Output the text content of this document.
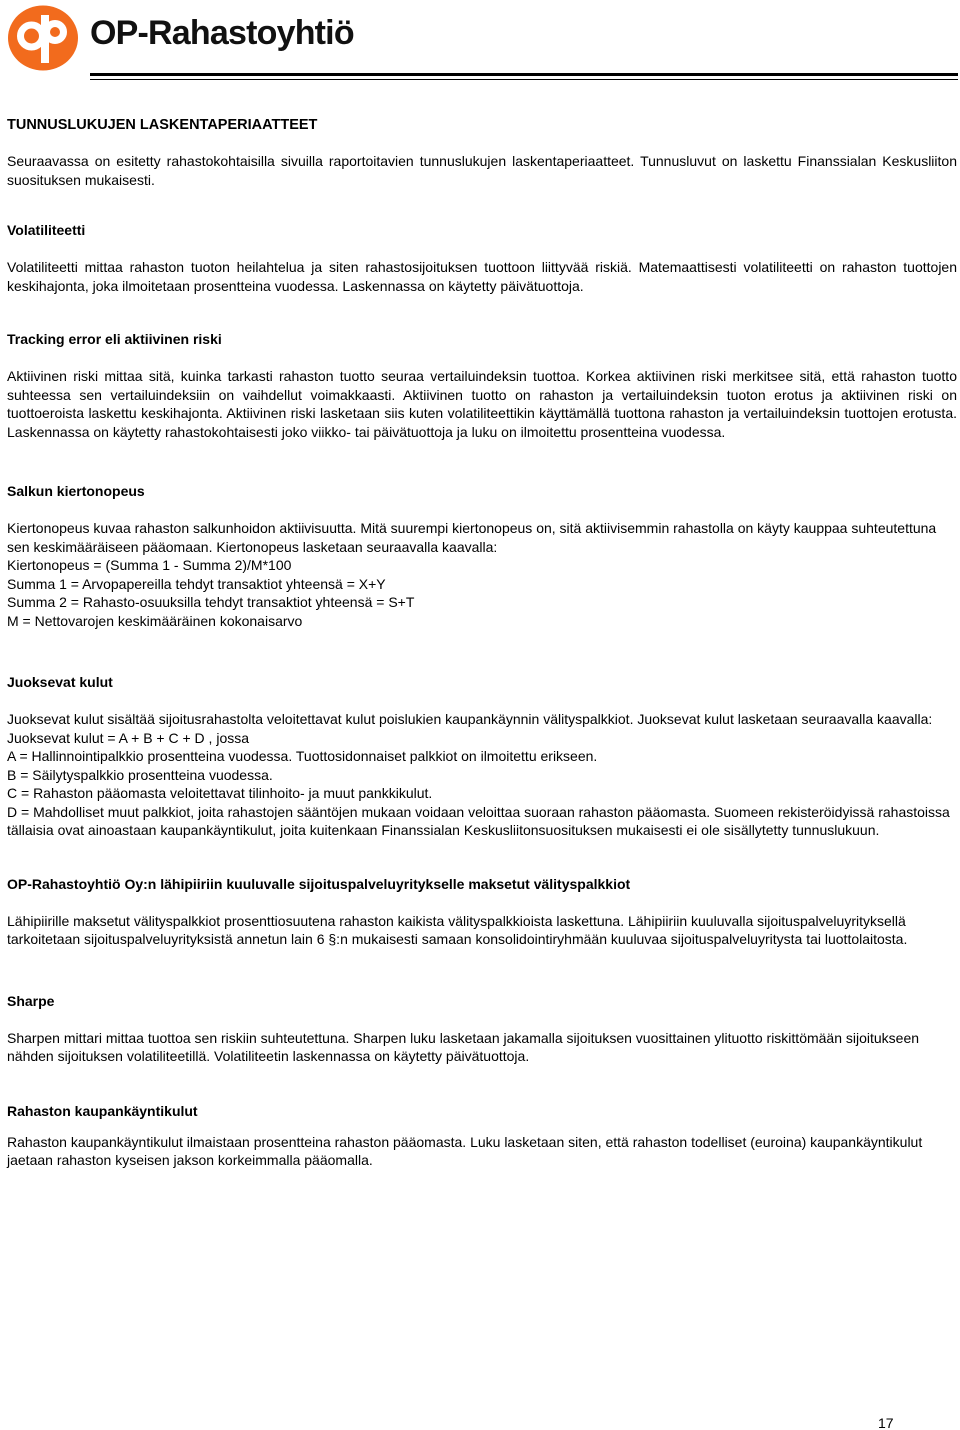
OP-Rahastoyhtiö
TUNNUSLUKUJEN LASKENTAPERIAATTEET

Seuraavassa on esitetty rahastokohtaisilla sivuilla raportoitavien tunnuslukujen laskentaperiaatteet. Tunnusluvut on laskettu Finanssialan Keskusliiton suosituksen mukaisesti.

Volatiliteetti

Volatiliteetti mittaa rahaston tuoton heilahtelua ja siten rahastosijoituksen tuottoon liittyvää riskiä. Matemaattisesti volatiliteetti on rahaston tuottojen keskihajonta, joka ilmoitetaan prosentteina vuodessa. Laskennassa on käytetty päivätuottoja.

Tracking error eli aktiivinen riski

Aktiivinen riski mittaa sitä, kuinka tarkasti rahaston tuotto seuraa vertailuindeksin tuottoa. Korkea aktiivinen riski merkitsee sitä, että rahaston tuotto suhteessa sen vertailuindeksiin on vaihdellut voimakkaasti. Aktiivinen tuotto on rahaston ja vertailuindeksin tuoton erotus ja aktiivinen riski on tuottoeroista laskettu keskihajonta. Aktiivinen riski lasketaan siis kuten volatiliteettikin käyttämällä tuottona rahaston ja vertailuindeksin tuottojen erotusta. Laskennassa on käytetty rahastokohtaisesti joko viikko- tai päivätuottoja ja luku on ilmoitettu prosentteina vuodessa.

Salkun kiertonopeus

Kiertonopeus kuvaa rahaston salkunhoidon aktiivisuutta. Mitä suurempi kiertonopeus on, sitä aktiivisemmin rahastolla on käyty kauppaa suhteutettuna sen keskimääräiseen pääomaan. Kiertonopeus lasketaan seuraavalla kaavalla:

Kiertonopeus = (Summa 1 - Summa 2)/M*100
Summa 1 = Arvopapereilla tehdyt transaktiot yhteensä = X+Y
Summa 2 = Rahasto-osuuksilla tehdyt transaktiot yhteensä = S+T
M = Nettovarojen keskimääräinen kokonaisarvo
Juoksevat kulut

Juoksevat kulut sisältää sijoitusrahastolta veloitettavat kulut poislukien kaupankäynnin välityspalkkiot. Juoksevat kulut lasketaan seuraavalla kaavalla:

Juoksevat kulut = A + B + C + D , jossa
A = Hallinnointipalkkio prosentteina vuodessa. Tuottosidonnaiset palkkiot on ilmoitettu erikseen.
B = Säilytyspalkkio prosentteina vuodessa.
C = Rahaston pääomasta veloitettavat tilinhoito- ja muut pankkikulut.

D = Mahdolliset muut palkkiot, joita rahastojen sääntöjen mukaan voidaan veloittaa suoraan rahaston pääomasta. Suomeen rekisteröidyissä rahastoissa tällaisia ovat ainoastaan kaupankäyntikulut, joita kuitenkaan Finanssialan Keskusliitonsuosituksen mukaisesti ei ole sisällytetty tunnuslukuun.

OP-Rahastoyhtiö Oy:n lähipiiriin kuuluvalle sijoituspalveluyritykselle maksetut välityspalkkiot

Lähipiirille maksetut välityspalkkiot prosenttiosuutena rahaston kaikista välityspalkkioista laskettuna. Lähipiiriin kuuluvalla sijoituspalveluyrityksellä tarkoitetaan sijoituspalveluyrityksistä annetun lain 6 §:n mukaisesti samaan konsolidointiryhmään kuuluvaa sijoituspalveluyritysta tai luottolaitosta.

Sharpe

Sharpen mittari mittaa tuottoa sen riskiin suhteutettuna. Sharpen luku lasketaan jakamalla sijoituksen vuosittainen ylituotto riskittömään sijoitukseen nähden sijoituksen volatiliteetillä. Volatiliteetin laskennassa on käytetty päivätuottoja.

Rahaston kaupankäyntikulut

Rahaston kaupankäyntikulut ilmaistaan prosentteina rahaston pääomasta. Luku lasketaan siten, että rahaston todelliset (euroina) kaupankäyntikulut jaetaan rahaston kyseisen jakson korkeimmalla pääomalla.

17
